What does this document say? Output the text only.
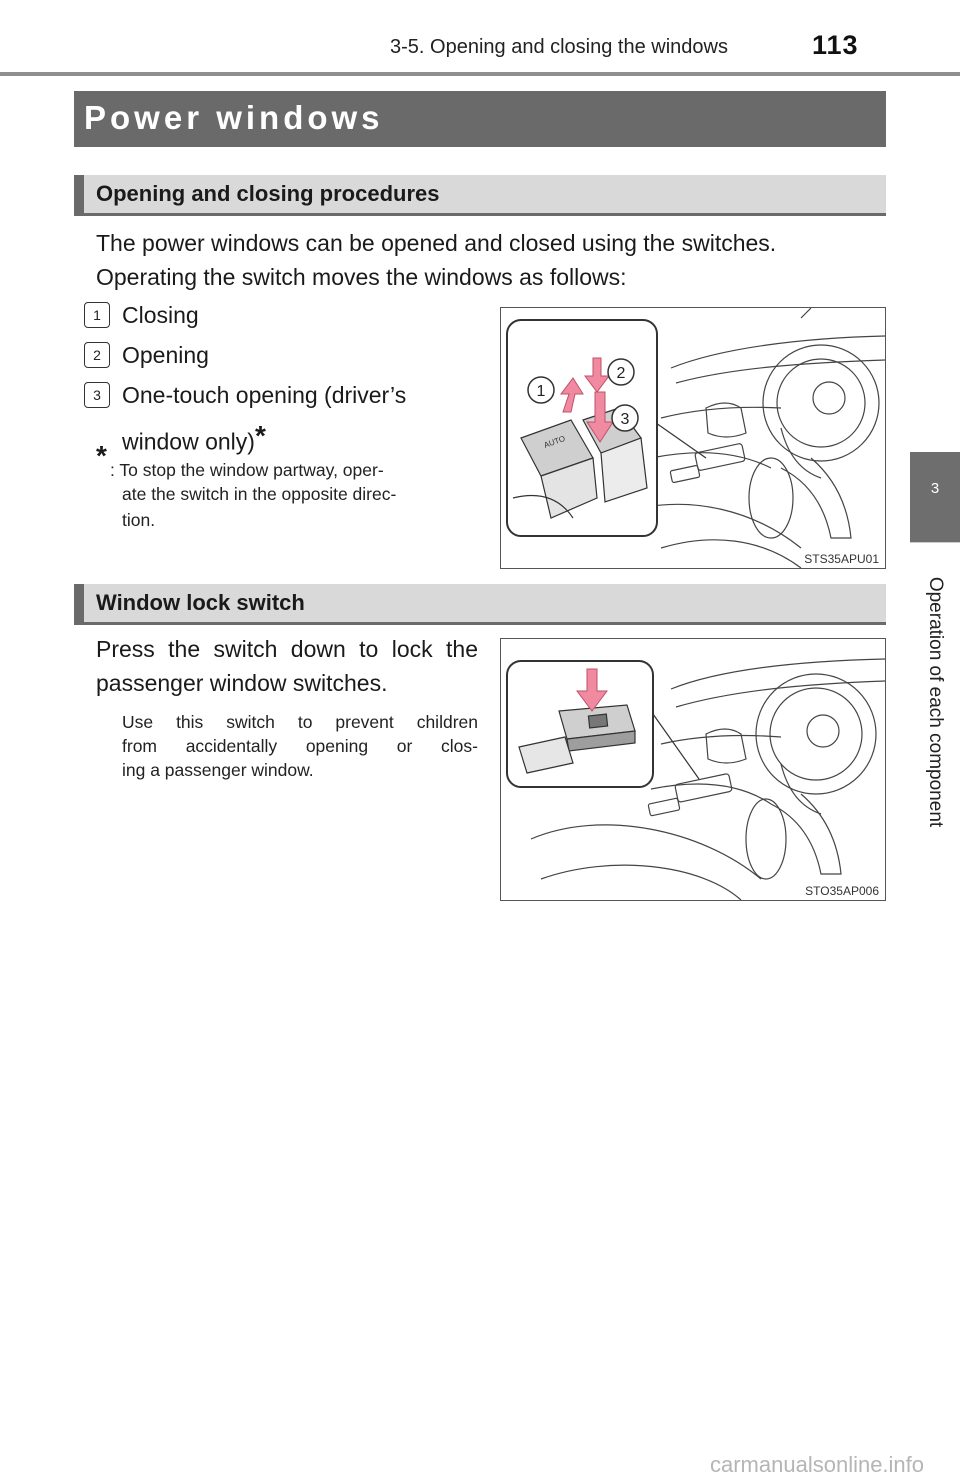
3-5. Opening and closing the windows	113
3
Operation of each component
Power windows
Opening and closing procedures
The power windows can be opened and closed using the switches.
Operating the switch moves the windows as follows:
1 Closing
2 Opening
3 One-touch opening (driver’s
window only)*
* : To stop the window partway, oper-
ate the switch in the opposite direc-
tion.
AUTO
1
2
3
STS35APU01
Window lock switch
Press the switch down to lock the
passenger window switches.
Use this switch to prevent children
from accidentally opening or clos-
ing a passenger window.
STO35AP006
carmanualsonline.info
